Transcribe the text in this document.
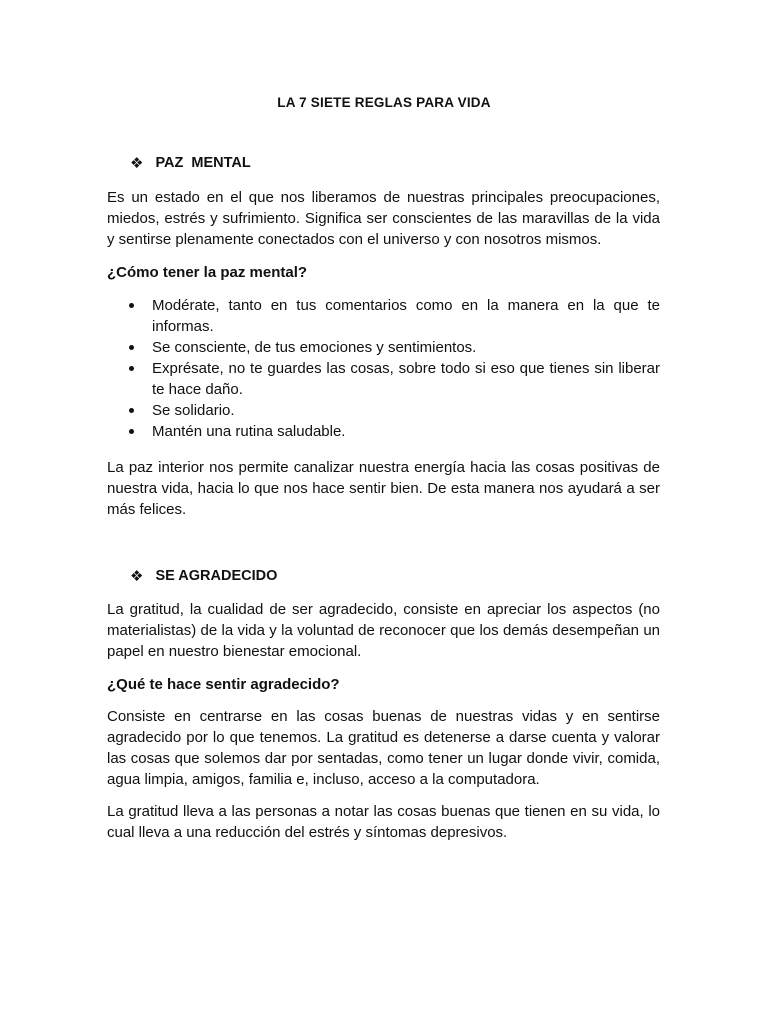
LA 7 SIETE REGLAS PARA VIDA
❖ PAZ  MENTAL
Es un estado en el que nos liberamos de nuestras principales preocupaciones, miedos, estrés y sufrimiento. Significa ser conscientes de las maravillas de la vida y sentirse plenamente conectados con el universo y con nosotros mismos.
¿Cómo tener la paz mental?
Modérate, tanto en tus comentarios como en la manera en la que te informas.
Se consciente, de tus emociones y sentimientos.
Exprésate, no te guardes las cosas, sobre todo si eso que tienes sin liberar te hace daño.
Se solidario.
Mantén una rutina saludable.
La paz interior nos permite canalizar nuestra energía hacia las cosas positivas de nuestra vida, hacia lo que nos hace sentir bien. De esta manera nos ayudará a ser más felices.
❖ SE AGRADECIDO
La gratitud, la cualidad de ser agradecido, consiste en apreciar los aspectos (no materialistas) de la vida y la voluntad de reconocer que los demás desempeñan un papel en nuestro bienestar emocional.
¿Qué te hace sentir agradecido?
Consiste en centrarse en las cosas buenas de nuestras vidas y en sentirse agradecido por lo que tenemos. La gratitud es detenerse a darse cuenta y valorar las cosas que solemos dar por sentadas, como tener un lugar donde vivir, comida, agua limpia, amigos, familia e, incluso, acceso a la computadora.
La gratitud lleva a las personas a notar las cosas buenas que tienen en su vida, lo cual lleva a una reducción del estrés y síntomas depresivos.
